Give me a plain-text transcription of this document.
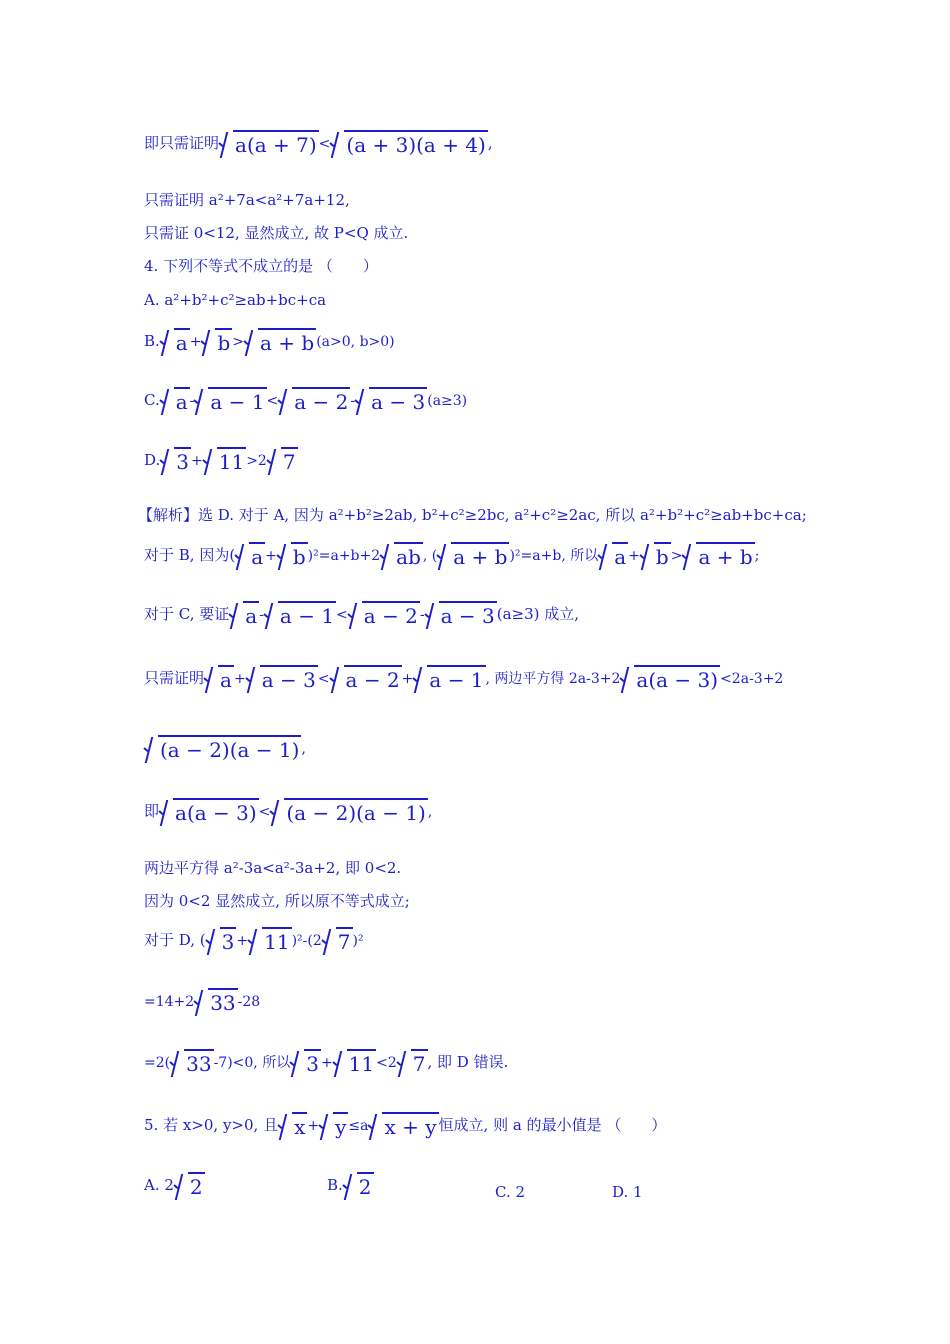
即只需证明 a(a + 7) < (a + 3)(a + 4) ,
只需证明 a²+7a<a²+7a+12,
只需证 0<12, 显然成立, 故 P<Q 成立.
4. 下列不等式不成立的是 （　　）
A. a²+b²+c²≥ab+bc+ca
B. a + b > a + b (a>0, b>0)
C. a - a − 1 < a − 2 - a − 3 (a≥3)
D. 3 + 11 >2 7
【解析】选 D. 对于 A, 因为 a²+b²≥2ab, b²+c²≥2bc, a²+c²≥2ac, 所以 a²+b²+c²≥ab+bc+ca;
对于 B, 因为( a + b )²=a+b+2 ab , ( a + b )²=a+b, 所以 a + b > a + b ;
对于 C, 要证 a - a − 1 < a − 2 - a − 3 (a≥3) 成立,
只需证明 a + a − 3 < a − 2 + a − 1 , 两边平方得 2a-3+2 a(a − 3) <2a-3+2
(a − 2)(a − 1) ,
即 a(a − 3) < (a − 2)(a − 1) ,
两边平方得 a²-3a<a²-3a+2, 即 0<2.
因为 0<2 显然成立, 所以原不等式成立;
对于 D, ( 3 + 11 )²-(2 7 )²
=14+2 33 -28
=2( 33 -7)<0, 所以 3 + 11 <2 7 , 即 D 错误.
5. 若 x>0, y>0, 且 x + y ≤a x + y 恒成立, 则 a 的最小值是 （　　）
A. 2 2	B. 2	C. 2	D. 1
